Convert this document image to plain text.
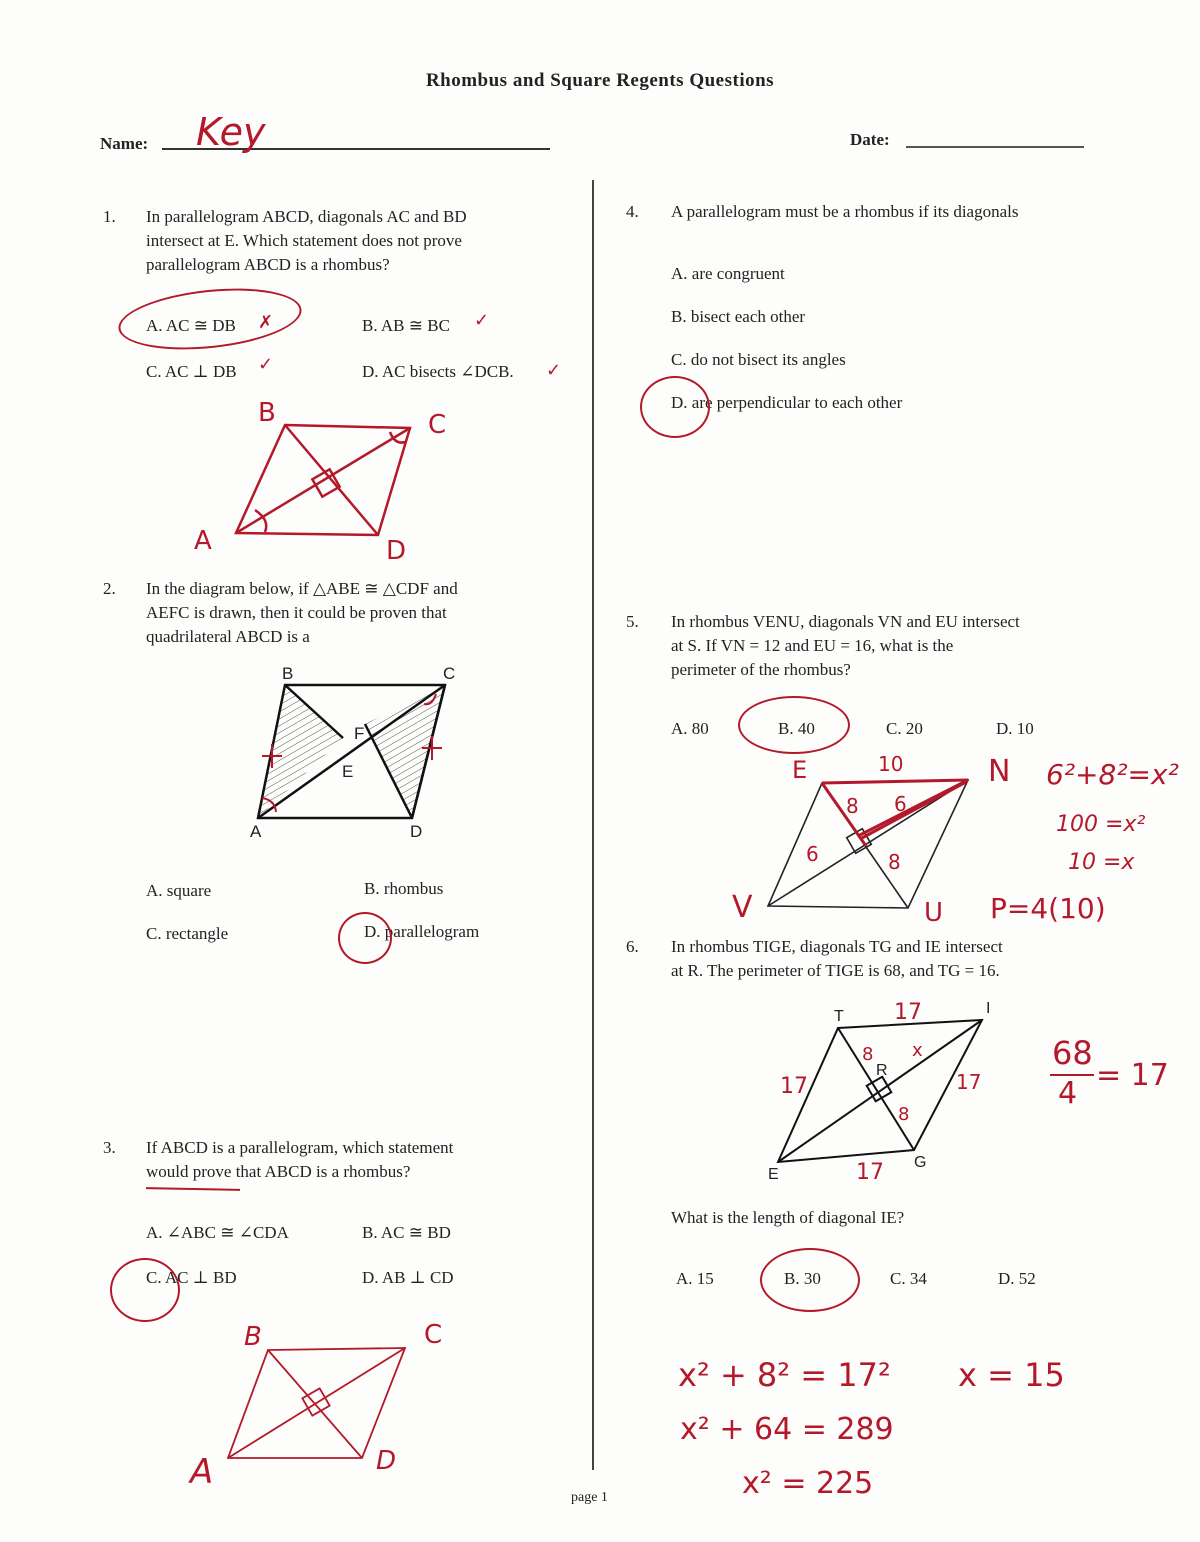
Rhombus and Square Regents Questions
Name: Key	Date:
1. In parallelogram ABCD, diagonals AC and BD
intersect at E. Which statement does not prove
parallelogram ABCD is a rhombus?
A. AC ≅ DB ✗	B. AB ≅ BC ✓
C. AC ⊥ DB ✓	D. AC bisects ∠DCB. ✓
B	C
A	D
2. In the diagram below, if △ABE ≅ △CDF and
AEFC is drawn, then it could be proven that
quadrilateral ABCD is a
B	C
A	D
E
F
A. square	B. rhombus
C. rectangle	D. parallelogram
3. If ABCD is a parallelogram, which statement
would prove that ABCD is a rhombus?
A. ∠ABC ≅ ∠CDA	B. AC ≅ BD
C. AC ⊥ BD	D. AB ⊥ CD
B	C
A	D
4. A parallelogram must be a rhombus if its diagonals
A. are congruent
B. bisect each other
C. do not bisect its angles
D. are perpendicular to each other
5. In rhombus VENU, diagonals VN and EU intersect
at S. If VN = 12 and EU = 16, what is the
perimeter of the rhombus?
A. 80	B. 40	C. 20	D. 10
E	10	N
8 6
6	8
V	U
6²+8²=x²
100 =x²
10 =x
P=4(10)
6. In rhombus TIGE, diagonals TG and IE intersect
at R. The perimeter of TIGE is 68, and TG = 16.
T	I
R
E
G
17
17	17
17
8
8
x	68
4
= 17
What is the length of diagonal IE?
A. 15	B. 30	C. 34	D. 52
x² + 8² = 17² x = 15
x² + 64 = 289
x² = 225
page 1
